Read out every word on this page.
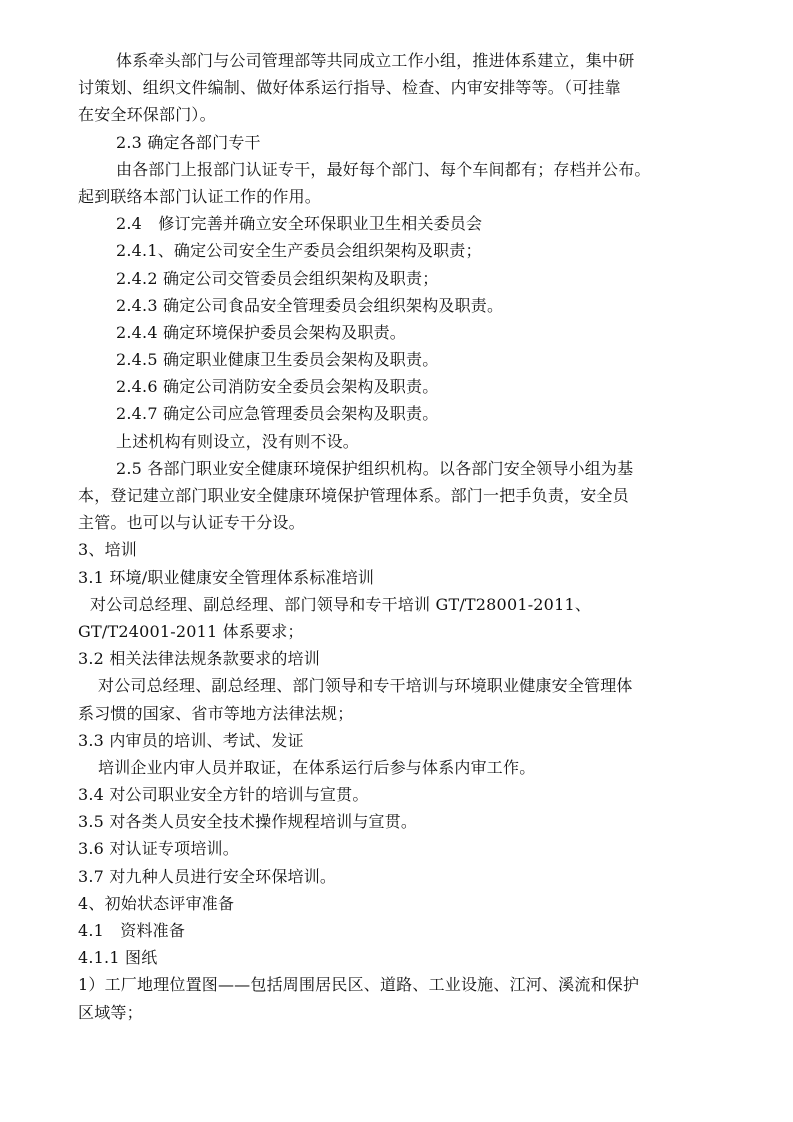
体系牵头部门与公司管理部等共同成立工作小组，推进体系建立，集中研
讨策划、组织文件编制、做好体系运行指导、检查、内审安排等等。（可挂靠
在安全环保部门）。
2.3 确定各部门专干
由各部门上报部门认证专干，最好每个部门、每个车间都有；存档并公布。
起到联络本部门认证工作的作用。
2.4　修订完善并确立安全环保职业卫生相关委员会
2.4.1、确定公司安全生产委员会组织架构及职责；
2.4.2 确定公司交管委员会组织架构及职责；
2.4.3 确定公司食品安全管理委员会组织架构及职责。
2.4.4 确定环境保护委员会架构及职责。
2.4.5 确定职业健康卫生委员会架构及职责。
2.4.6 确定公司消防安全委员会架构及职责。
2.4.7 确定公司应急管理委员会架构及职责。
上述机构有则设立，没有则不设。
2.5 各部门职业安全健康环境保护组织机构。以各部门安全领导小组为基
本，登记建立部门职业安全健康环境保护管理体系。部门一把手负责，安全员
主管。也可以与认证专干分设。
3、培训
3.1 环境/职业健康安全管理体系标准培训
对公司总经理、副总经理、部门领导和专干培训 GT/T28001-2011、
GT/T24001-2011 体系要求；
3.2 相关法律法规条款要求的培训
对公司总经理、副总经理、部门领导和专干培训与环境职业健康安全管理体
系习惯的国家、省市等地方法律法规；
3.3 内审员的培训、考试、发证
培训企业内审人员并取证，在体系运行后参与体系内审工作。
3.4 对公司职业安全方针的培训与宣贯。
3.5 对各类人员安全技术操作规程培训与宣贯。
3.6 对认证专项培训。
3.7 对九种人员进行安全环保培训。
4、初始状态评审准备
4.1　资料准备
4.1.1 图纸
1）工厂地理位置图——包括周围居民区、道路、工业设施、江河、溪流和保护
区域等；
